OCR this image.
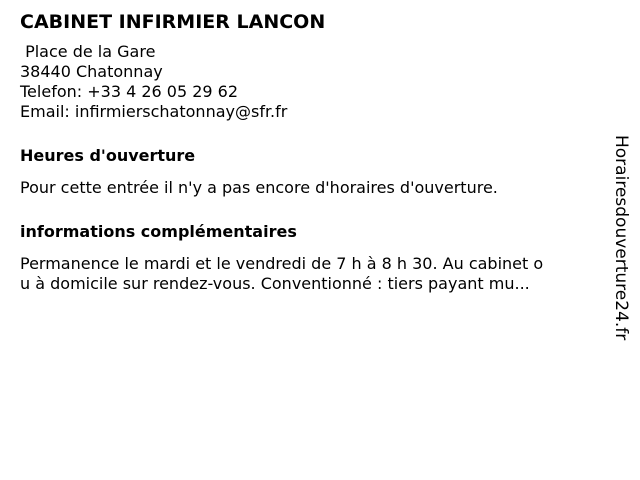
CABINET INFIRMIER LANCON
Place de la Gare
38440 Chatonnay
Telefon: +33 4 26 05 29 62
Email: infirmierschatonnay@sfr.fr
Heures d'ouverture
Pour cette entrée il n'y a pas encore d'horaires d'ouverture.
informations complémentaires
Permanence le mardi et le vendredi de 7 h à 8 h 30. Au cabinet o
u à domicile sur rendez-vous. Conventionné : tiers payant mu...	Horairesdouverture24.fr
